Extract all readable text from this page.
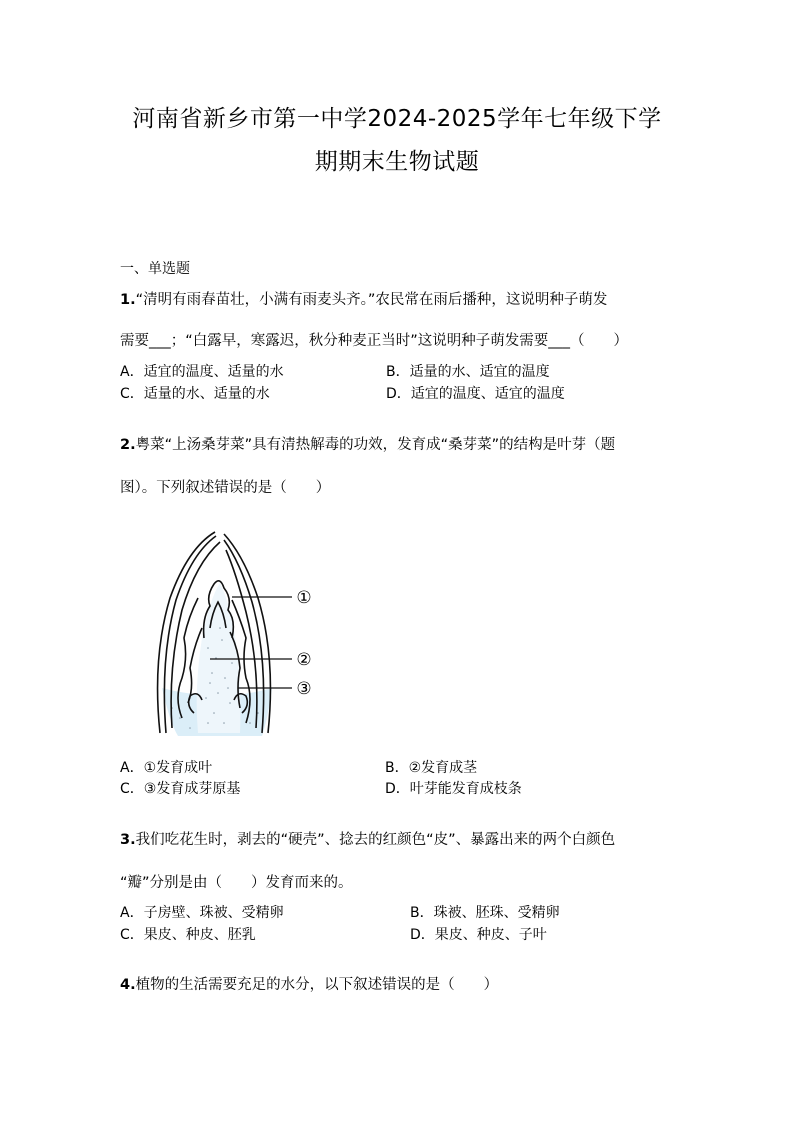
河南省新乡市第一中学2024-2025学年七年级下学
期期末生物试题
一、单选题
1.“清明有雨春苗壮，小满有雨麦头齐。”农民常在雨后播种，这说明种子萌发
需要___；“白露早，寒露迟，秋分种麦正当时”这说明种子萌发需要___（　　）
A．适宜的温度、适量的水	B．适量的水、适宜的温度
C．适量的水、适量的水	D．适宜的温度、适宜的温度
2.粤菜“上汤桑芽菜”具有清热解毒的功效，发育成“桑芽菜”的结构是叶芽（题
图）。下列叙述错误的是（　　）
①
②
③
A．①发育成叶	B．②发育成茎
C．③发育成芽原基	D．叶芽能发育成枝条
3.我们吃花生时，剥去的“硬壳”、捻去的红颜色“皮”、暴露出来的两个白颜色
“瓣”分别是由（　　）发育而来的。
A．子房壁、珠被、受精卵	B．珠被、胚珠、受精卵
C．果皮、种皮、胚乳	D．果皮、种皮、子叶
4.植物的生活需要充足的水分，以下叙述错误的是（　　）
